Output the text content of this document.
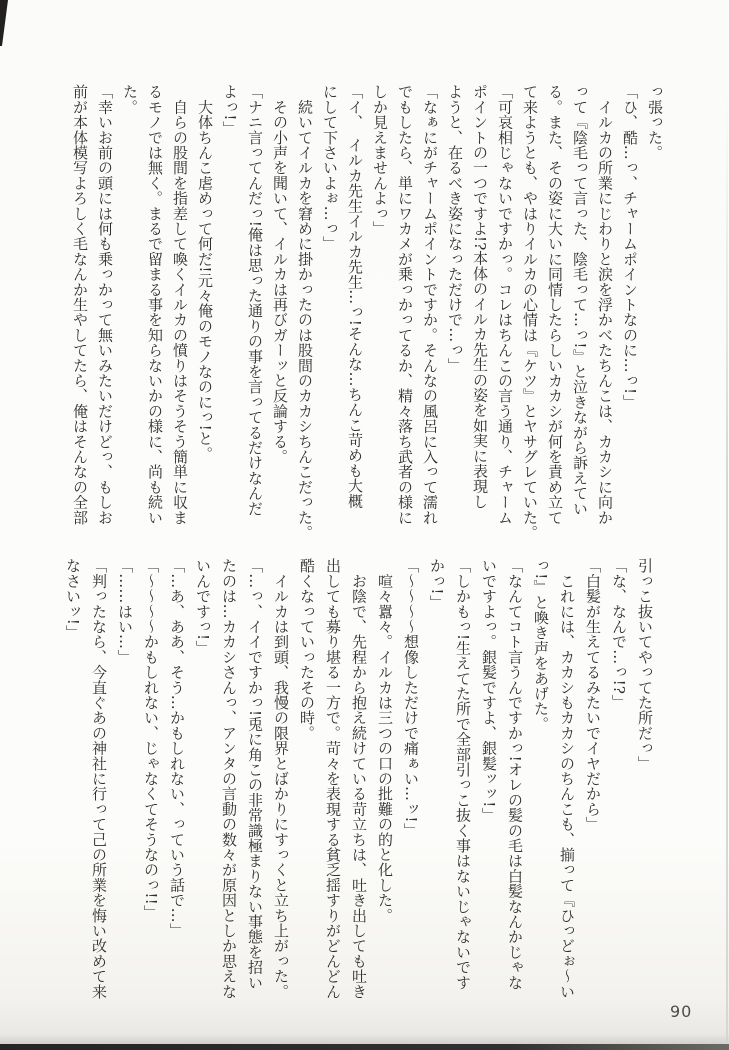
っ張った。
「ひ、酷…っ、チャームポイントなのに…っ!」
　イルカの所業にじわりと涙を浮かべたちんこは、カカシに向か
って『陰毛って言った、陰毛って…っ!』と泣きながら訴えてい
る。また、その姿に大いに同情したらしいカカシが何を責め立て
て来ようとも、やはりイルカの心情は『ケツ』とヤサグレていた。
「可哀相じゃないですかっ。コレはちんこの言う通り、チャーム
ポイントの一つですよ!?本体のイルカ先生の姿を如実に表現し
ようと、在るべき姿になっただけで…っ」
「なぁにがチャームポイントですか。そんなの風呂に入って濡れ
でもしたら、単にワカメが乗っかってるか、精々落ち武者の様に
しか見えませんよっ」
「イ、　イルカ先生イルカ先生…っ!そんな…ちんこ苛めも大概
にして下さいよぉ…っ」
　続いてイルカを窘めに掛かったのは股間のカカシちんこだった。
　その小声を聞いて、イルカは再びガーッと反論する。
「ナニ言ってんだっ!俺は思った通りの事を言ってるだけなんだ
よっ!」
　大体ちんこ虐めって何だ!元々俺のモノなのにっ!と。
　自らの股間を指差して喚くイルカの憤りはそうそう簡単に収ま
るモノでは無く。まるで留まる事を知らないかの様に、尚も続い
た。
「幸いお前の頭には何も乗っかって無いみたいだけどっ、もしお
前が本体模写よろしく毛なんか生やしてたら、俺はそんなの全部
引っこ抜いてやってた所だっ」
「な、なんで…っ!?」
「白髪が生えてるみたいでイヤだから」
　これには、カカシもカカシのちんこも、揃って『ひっどぉ〜い
っ!』と喚き声をあげた。
「なんてコト言うんですかっ!オレの髪の毛は白髪なんかじゃな
いですよっ。銀髪ですよ、銀髪ッッ!」
「しかもっ!生えてた所で全部引っこ抜く事はないじゃないです
かっ!」
「〜〜〜〜想像しただけで痛ぁい…ッ!」
　喧々囂々。イルカは三つの口の批難の的と化した。
　お陰で、先程から抱え続けている苛立ちは、吐き出しても吐き
出しても募り堪る一方で。苛々を表現する貧乏揺すりがどんどん
酷くなっていったその時。
　イルカは到頭、我慢の限界とばかりにすっくと立ち上がった。
「…っ、イイですかっ!兎に角この非常識極まりない事態を招い
たのは…カカシさんっ、アンタの言動の数々が原因としか思えな
いんですっ!」
「…あ、ああ、そう…かもしれない、っていう話で…」
「〜〜〜〜かもしれない、じゃなくてそうなのっ!!」
「……はい…」
「判ったなら、今直ぐあの神社に行って己の所業を悔い改めて来
なさいッ!」
90
